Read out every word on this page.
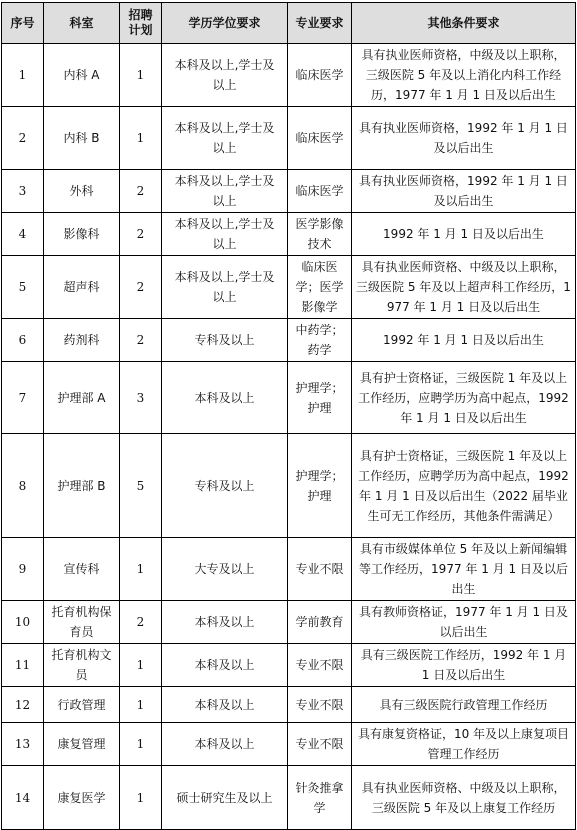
序号	科室	招聘计划	学历学位要求	专业要求	其他条件要求
1	内科 A	1	本科及以上,学士及以上	临床医学	具有执业医师资格，中级及以上职称，三级医院 5 年及以上消化内科工作经历，1977 年 1 月 1 日及以后出生
2	内科 B	1	本科及以上,学士及以上	临床医学	具有执业医师资格，1992 年 1 月 1 日及以后出生
3	外科	2	本科及以上,学士及以上	临床医学	具有执业医师资格，1992 年 1 月 1 日及以后出生
4	影像科	2	本科及以上,学士及以上	医学影像技术	1992 年 1 月 1 日及以后出生
5	超声科	2	本科及以上,学士及以上	临床医学；医学影像学	具有执业医师资格、中级及以上职称，三级医院 5 年及以上超声科工作经历，1977 年 1 月 1 日及以后出生
6	药剂科	2	专科及以上	中药学；药学	1992 年 1 月 1 日及以后出生
7	护理部 A	3	本科及以上	护理学；护理	具有护士资格证，三级医院 1 年及以上工作经历，应聘学历为高中起点，1992 年 1 月 1 日及以后出生
8	护理部 B	5	专科及以上	护理学；护理	具有护士资格证，三级医院 1 年及以上工作经历，应聘学历为高中起点，1992 年 1 月 1 日及以后出生（2022 届毕业生可无工作经历，其他条件需满足）
9	宣传科	1	大专及以上	专业不限	具有市级媒体单位 5 年及以上新闻编辑等工作经历，1977 年 1 月 1 日及以后出生
10	托育机构保育员	2	本科及以上	学前教育	具有教师资格证，1977 年 1 月 1 日及以后出生
11	托育机构文员	1	本科及以上	专业不限	具有三级医院工作经历，1992 年 1 月 1 日及以后出生
12	行政管理	1	本科及以上	专业不限	具有三级医院行政管理工作经历
13	康复管理	1	本科及以上	专业不限	具有康复资格证，10 年及以上康复项目管理工作经历
14	康复医学	1	硕士研究生及以上	针灸推拿学	具有执业医师资格、中级及以上职称，三级医院 5 年及以上康复工作经历
